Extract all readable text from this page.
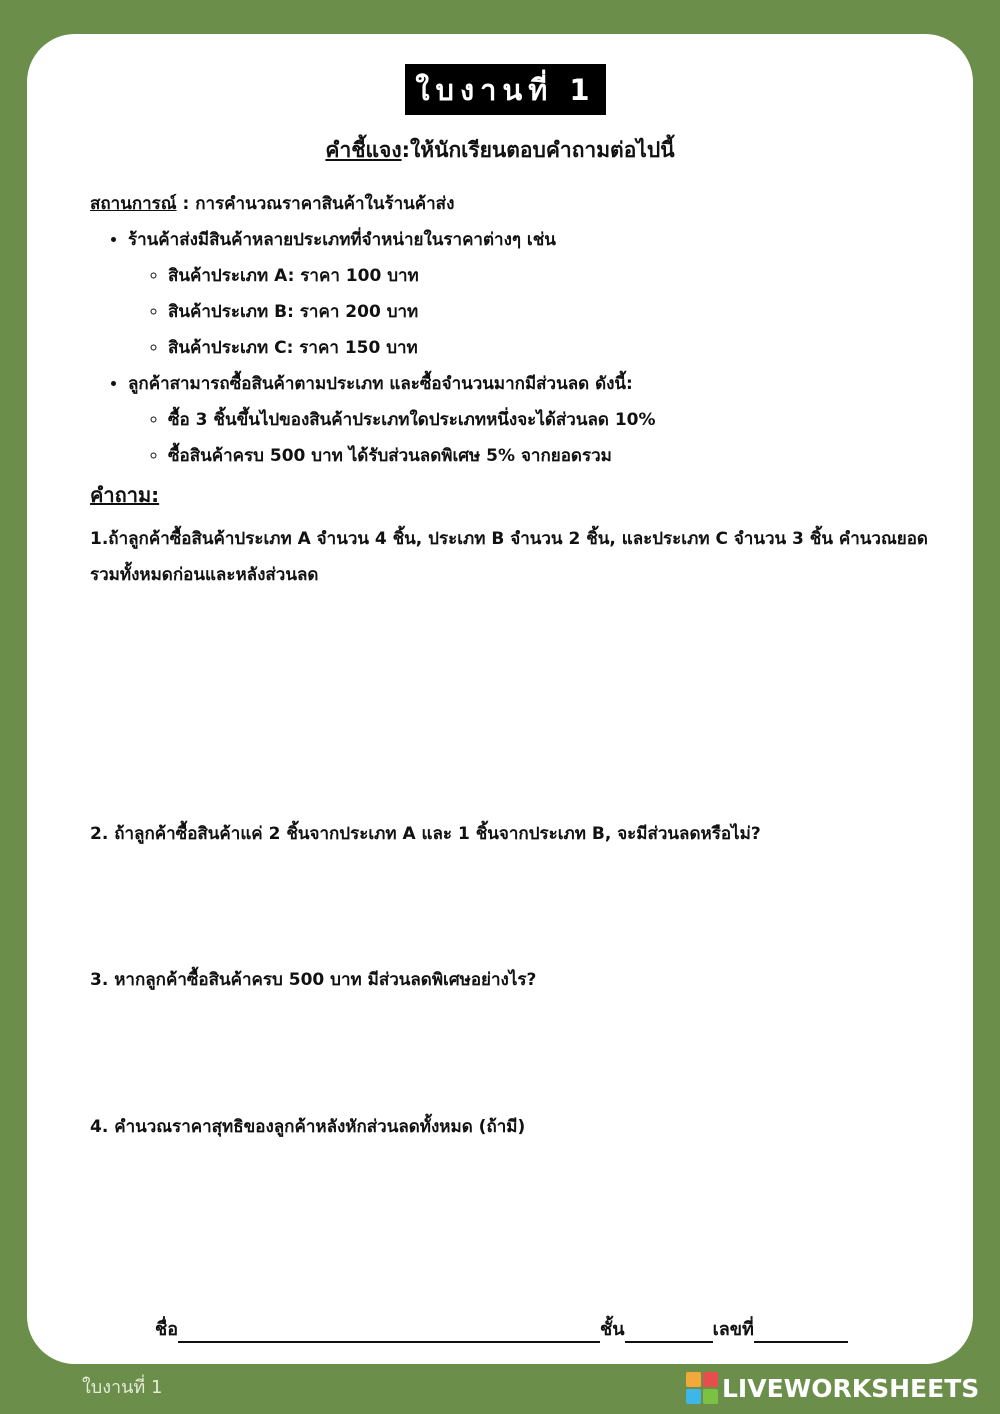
ใบงานที่ 1
คำชี้แจง:ให้นักเรียนตอบคำถามต่อไปนี้
สถานการณ์ : การคำนวณราคาสินค้าในร้านค้าส่ง
• ร้านค้าส่งมีสินค้าหลายประเภทที่จำหน่ายในราคาต่างๆ เช่น
◦ สินค้าประเภท A: ราคา 100 บาท
◦ สินค้าประเภท B: ราคา 200 บาท
◦ สินค้าประเภท C: ราคา 150 บาท
• ลูกค้าสามารถซื้อสินค้าตามประเภท และซื้อจำนวนมากมีส่วนลด ดังนี้:
◦ ซื้อ 3 ชิ้นขึ้นไปของสินค้าประเภทใดประเภทหนึ่งจะได้ส่วนลด 10%
◦ ซื้อสินค้าครบ 500 บาท ได้รับส่วนลดพิเศษ 5% จากยอดรวม
คำถาม:

1.ถ้าลูกค้าซื้อสินค้าประเภท A จำนวน 4 ชิ้น, ประเภท B จำนวน 2 ชิ้น, และประเภท C จำนวน 3 ชิ้น คำนวณยอดรวมทั้งหมดก่อนและหลังส่วนลด

2. ถ้าลูกค้าซื้อสินค้าแค่ 2 ชิ้นจากประเภท A และ 1 ชิ้นจากประเภท B, จะมีส่วนลดหรือไม่?
3. หากลูกค้าซื้อสินค้าครบ 500 บาท มีส่วนลดพิเศษอย่างไร?
4. คำนวณราคาสุทธิของลูกค้าหลังหักส่วนลดทั้งหมด (ถ้ามี)
ชื่อ	ชั้น	เลขที่
ใบงานที่ 1	LIVEWORKSHEETS
